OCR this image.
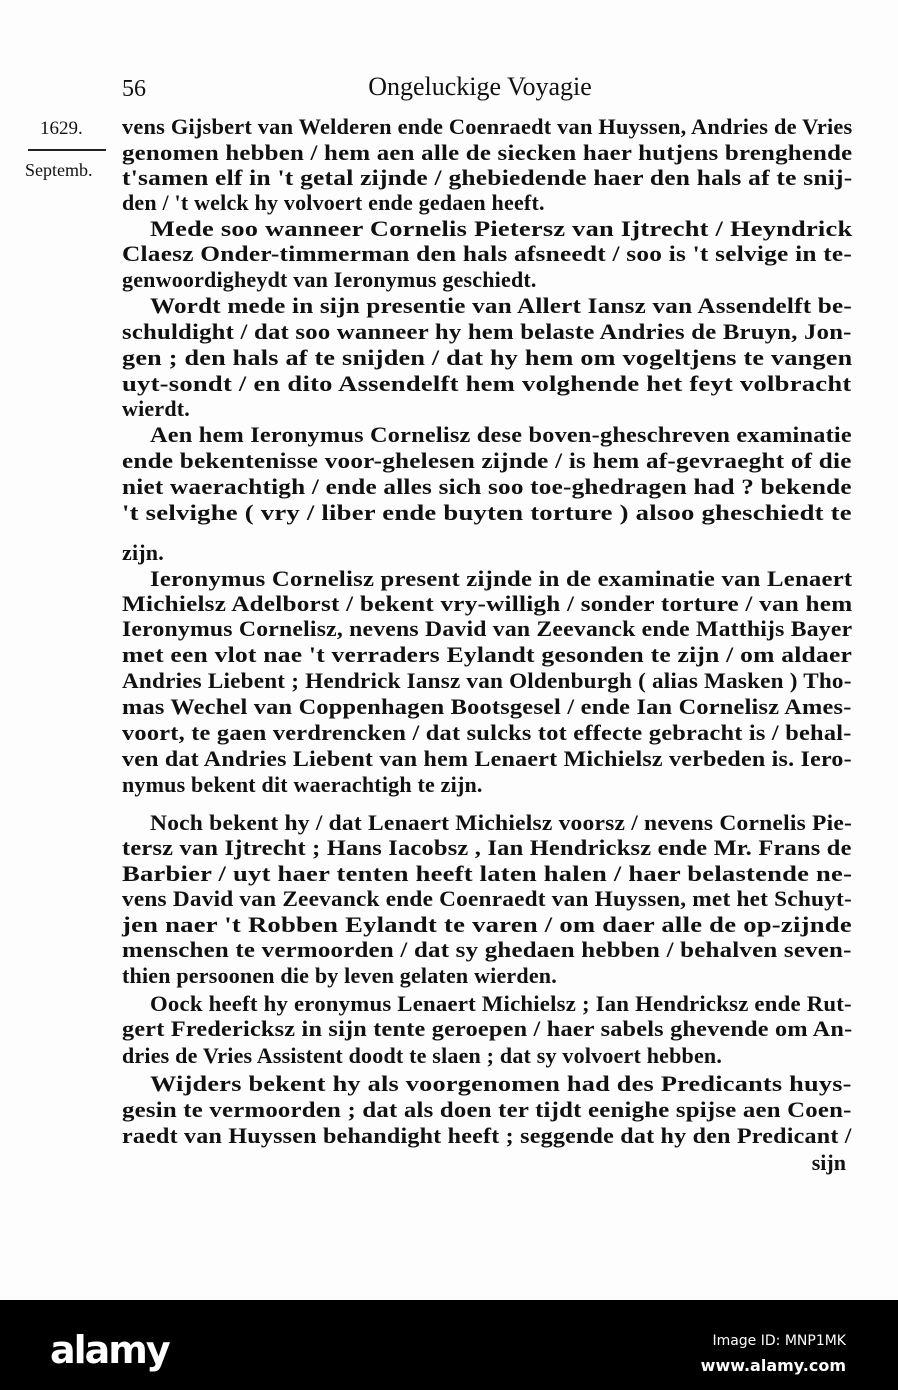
56	Ongeluckige Voyagie
1629.
Septemb.
vens Gijsbert van Welderen ende Coenraedt van Huyssen, Andries de Vries
genomen hebben / hem aen alle de siecken haer hutjens brenghende
t'samen elf in 't getal zijnde / ghebiedende haer den hals af te snij-
den / 't welck hy volvoert ende gedaen heeft.
Mede soo wanneer Cornelis Pietersz van Ijtrecht / Heyndrick
Claesz Onder-timmerman den hals afsneedt / soo is 't selvige in te-
genwoordigheydt van Ieronymus geschiedt.
Wordt mede in sijn presentie van Allert Iansz van Assendelft be-
schuldight / dat soo wanneer hy hem belaste Andries de Bruyn, Jon-
gen ; den hals af te snijden / dat hy hem om vogeltjens te vangen
uyt-sondt / en dito Assendelft hem volghende het feyt volbracht
wierdt.
Aen hem Ieronymus Cornelisz dese boven-gheschreven examinatie
ende bekentenisse voor-ghelesen zijnde / is hem af-gevraeght of die
niet waerachtigh / ende alles sich soo toe-ghedragen had ? bekende
't selvighe ( vry / liber ende buyten torture ) alsoo gheschiedt te
zijn.
Ieronymus Cornelisz present zijnde in de examinatie van Lenaert
Michielsz Adelborst / bekent vry-willigh / sonder torture / van hem
Ieronymus Cornelisz, nevens David van Zeevanck ende Matthijs Bayer
met een vlot nae 't verraders Eylandt gesonden te zijn / om aldaer
Andries Liebent ; Hendrick Iansz van Oldenburgh ( alias Masken ) Tho-
mas Wechel van Coppenhagen Bootsgesel / ende Ian Cornelisz Ames-
voort, te gaen verdrencken / dat sulcks tot effecte gebracht is / behal-
ven dat Andries Liebent van hem Lenaert Michielsz verbeden is. Iero-
nymus bekent dit waerachtigh te zijn.
Noch bekent hy / dat Lenaert Michielsz voorsz / nevens Cornelis Pie-
tersz van Ijtrecht ; Hans Iacobsz , Ian Hendricksz ende Mr. Frans de
Barbier / uyt haer tenten heeft laten halen / haer belastende ne-
vens David van Zeevanck ende Coenraedt van Huyssen, met het Schuyt-
jen naer 't Robben Eylandt te varen / om daer alle de op-zijnde
menschen te vermoorden / dat sy ghedaen hebben / behalven seven-
thien persoonen die by leven gelaten wierden.
Oock heeft hy eronymus Lenaert Michielsz ; Ian Hendricksz ende Rut-
gert Fredericksz in sijn tente geroepen / haer sabels ghevende om An-
dries de Vries Assistent doodt te slaen ; dat sy volvoert hebben.
Wijders bekent hy als voorgenomen had des Predicants huys-
gesin te vermoorden ; dat als doen ter tijdt eenighe spijse aen Coen-
raedt van Huyssen behandight heeft ; seggende dat hy den Predicant /
sijn
alamy	Image ID: MNP1MK
www.alamy.com
